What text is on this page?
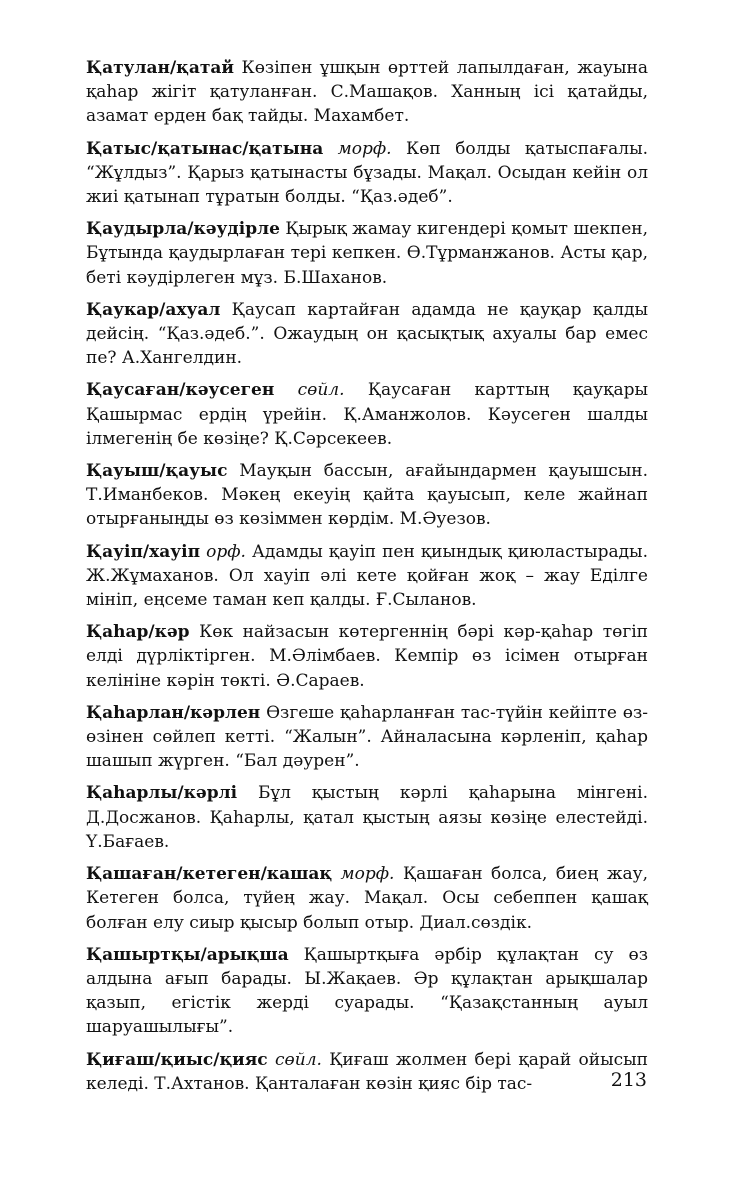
Қатулан/қатай Көзіпен ұшқын өрттей лапылдаған, жауына қаһар жігіт қатуланған. С.Машақов. Ханның ісі қатайды, азамат ерден бақ тайды. Махамбет.

Қатыс/қатынас/қатына морф. Көп болды қатыспағалы. “Жұлдыз”. Қарыз қатынасты бұзады. Мақал. Осыдан кейін ол жиі қатынап тұратын болды. “Қаз.әдеб”.

Қаудырла/кәудірле Қырық жамау кигендері қомыт шекпен, Бұтында қаудырлаған тері кепкен. Ө.Тұрманжанов. Асты қар, беті кәудірлеген мұз. Б.Шаханов.

Қаукар/ахуал Қаусап картайған адамда не қауқар қалды дейсің. “Қаз.әдеб.”. Ожаудың он қасықтық ахуалы бар емес пе? А.Хангелдин.

Қаусаған/кәусеген сөйл. Қаусаған карттың қауқары Қашырмас ердің үрейін. Қ.Аманжолов. Кәусеген шалды ілмегенің бе көзіңе? Қ.Сәрсекеев.

Қауыш/қауыс Мауқын бассын, ағайындармен қауышсын. Т.Иманбеков. Мәкең екеуің қайта қауысып, келе жайнап отырғаныңды өз көзіммен көрдім. М.Әуезов.

Қауіп/хауіп орф. Адамды қауіп пен қиындық қиюластырады. Ж.Жұмаханов. Ол хауіп әлі кете қойған жоқ – жау Еділге мініп, еңсеме таман кеп қалды. Ғ.Сыланов.

Қаһар/кәр Көк найзасын көтергеннің бәрі кәр-қаһар төгіп елді дүрліктірген. М.Әлімбаев. Кемпір өз ісімен отырған келініне кәрін төкті. Ә.Сараев.

Қаһарлан/кәрлен Өзгеше қаһарланған тас-түйін кейіпте өз-өзінен сөйлеп кетті. “Жалын”. Айналасына кәрленіп, қаһар шашып жүрген. “Бал дәурен”.

Қаһарлы/кәрлі Бұл қыстың кәрлі қаһарына мінгені. Д.Досжанов. Қаһарлы, қатал қыстың аязы көзіңе елестейді. Ү.Бағаев.

Қашаған/кетеген/кашақ морф. Қашаған болса, биең жау, Кетеген болса, түйең жау. Мақал. Осы себеппен қашақ болған елу сиыр қысыр болып отыр. Диал.сөздік.

Қашыртқы/арықша Қашыртқыға әрбір құлақтан су өз алдына ағып барады. Ы.Жақаев. Әр құлақтан арықшалар қазып, егістік жерді суарады. “Қазақстанның ауыл шаруашылығы”.

Қиғаш/қиыс/қияс сөйл. Қиғаш жолмен бері қарай ойысып келеді. Т.Ахтанов. Қанталаған көзін қияс бір тас-	213
